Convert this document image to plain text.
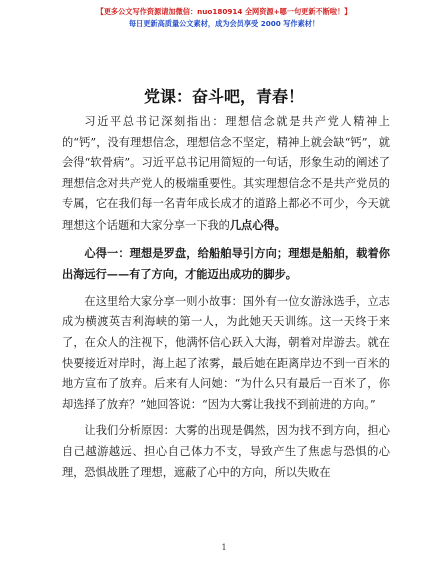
【更多公文写作资源请加微信：nuo180914 全网资源+哪一句更新不断啦！】
每日更新高质量公文素材，成为会员享受 2000 写作素材！
党课：奋斗吧，青春！

习近平总书记深刻指出：理想信念就是共产党人精神上的“钙”，没有理想信念，理想信念不坚定，精神上就会缺“钙”，就会得“软骨病”。习近平总书记用简短的一句话，形象生动的阐述了理想信念对共产党人的极端重要性。其实理想信念不是共产党员的专属，它在我们每一名青年成长成才的道路上都必不可少，今天就理想这个话题和大家分享一下我的几点心得。

心得一：理想是罗盘，给船舶导引方向；理想是船舶，载着你出海远行——有了方向，才能迈出成功的脚步。

在这里给大家分享一则小故事：国外有一位女游泳选手，立志成为横渡英吉利海峡的第一人，为此她天天训练。这一天终于来了，在众人的注视下，他满怀信心跃入大海，朝着对岸游去。就在快要接近对岸时，海上起了浓雾，最后她在距离岸边不到一百米的地方宣布了放弃。后来有人问她：“为什么只有最后一百米了，你却选择了放弃？”她回答说：“因为大雾让我找不到前进的方向。”

让我们分析原因：大雾的出现是偶然，因为找不到方向，担心自己越游越远、担心自己体力不支，导致产生了焦虑与恐惧的心理，恐惧战胜了理想，遮蔽了心中的方向，所以失败在

1
